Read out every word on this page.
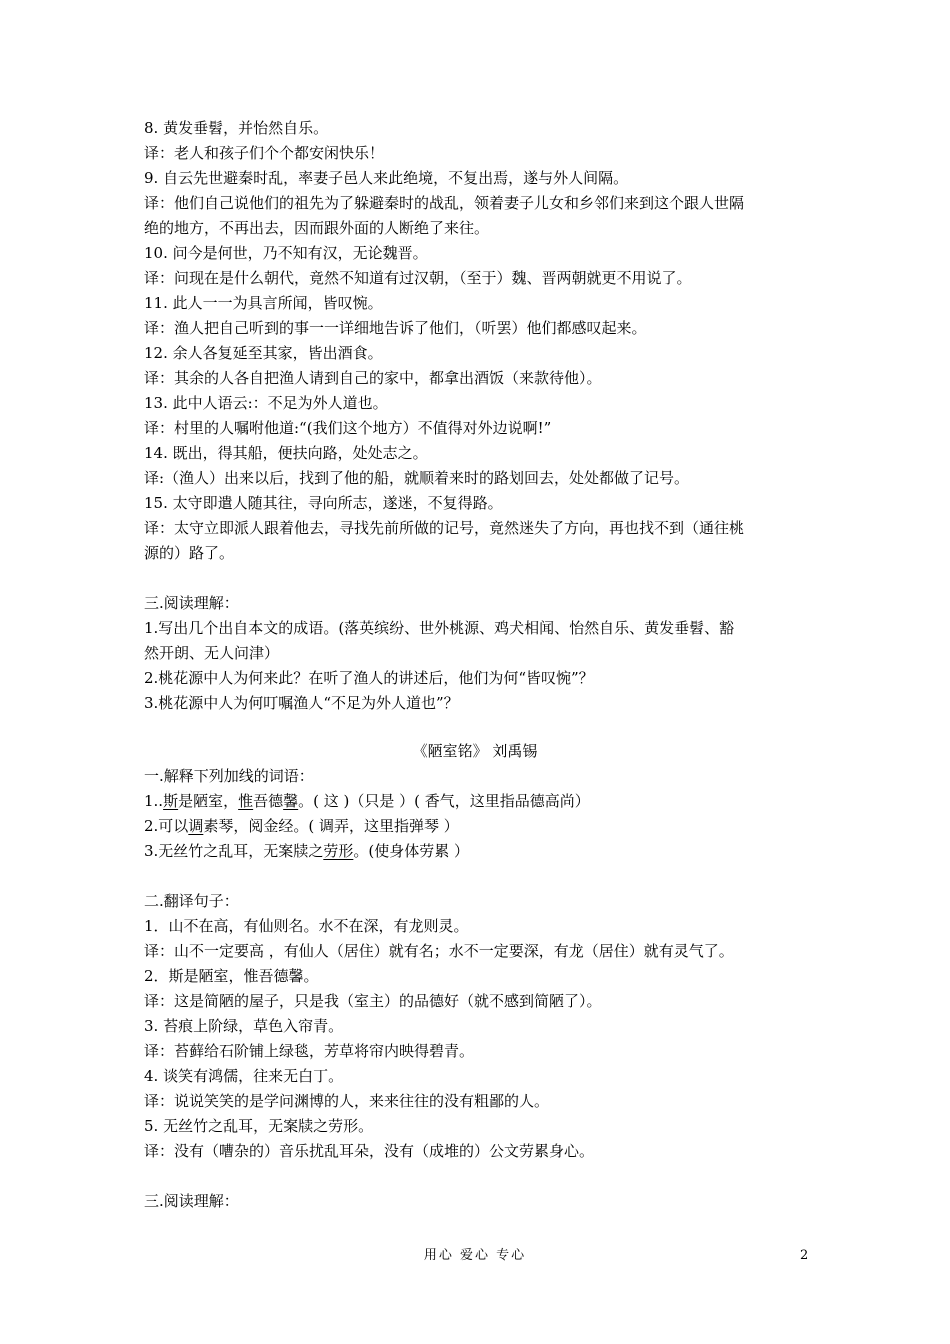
8. 黄发垂髫，并怡然自乐。
译：老人和孩子们个个都安闲快乐！
9. 自云先世避秦时乱，率妻子邑人来此绝境，不复出焉，遂与外人间隔。
译：他们自己说他们的祖先为了躲避秦时的战乱，领着妻子儿女和乡邻们来到这个跟人世隔
绝的地方，不再出去，因而跟外面的人断绝了来往。
10. 问今是何世，乃不知有汉，无论魏晋。
译：问现在是什么朝代，竟然不知道有过汉朝，（至于）魏、晋两朝就更不用说了。
11. 此人一一为具言所闻，皆叹惋。
译：渔人把自己听到的事一一详细地告诉了他们，（听罢）他们都感叹起来。
12. 余人各复延至其家，皆出酒食。
译：其余的人各自把渔人请到自己的家中，都拿出酒饭（来款待他）。
13. 此中人语云:：不足为外人道也。
译：村里的人嘱咐他道:“(我们这个地方）不值得对外边说啊!”
14. 既出，得其船，便扶向路，处处志之。
译:（渔人）出来以后，找到了他的船，就顺着来时的路划回去，处处都做了记号。
15. 太守即遣人随其往，寻向所志，遂迷，不复得路。
译：太守立即派人跟着他去，寻找先前所做的记号，竟然迷失了方向，再也找不到（通往桃
源的）路了。
三.阅读理解：
1.写出几个出自本文的成语。(落英缤纷、世外桃源、鸡犬相闻、怡然自乐、黄发垂髫、豁
然开朗、无人问津）
2.桃花源中人为何来此？在听了渔人的讲述后，他们为何“皆叹惋”？
3.桃花源中人为何叮嘱渔人“不足为外人道也”？
《陋室铭》 刘禹锡
一.解释下列加线的词语：
1..斯是陋室，惟吾德馨。( 这 )（只是 ）( 香气，这里指品德高尚）
2.可以调素琴，阅金经。( 调弄，这里指弹琴 ）
3.无丝竹之乱耳，无案牍之劳形。(使身体劳累 ）
二.翻译句子：
1．山不在高，有仙则名。水不在深，有龙则灵。
译：山不一定要高 ，有仙人（居住）就有名；水不一定要深，有龙（居住）就有灵气了。
2．斯是陋室，惟吾德馨。
译：这是简陋的屋子，只是我（室主）的品德好（就不感到简陋了）。
3. 苔痕上阶绿，草色入帘青。
译：苔藓给石阶铺上绿毯，芳草将帘内映得碧青。
4. 谈笑有鸿儒，往来无白丁。
译：说说笑笑的是学问渊博的人，来来往往的没有粗鄙的人。
5. 无丝竹之乱耳，无案牍之劳形。
译：没有（嘈杂的）音乐扰乱耳朵，没有（成堆的）公文劳累身心。
三.阅读理解：
用心 爱心 专心	2
